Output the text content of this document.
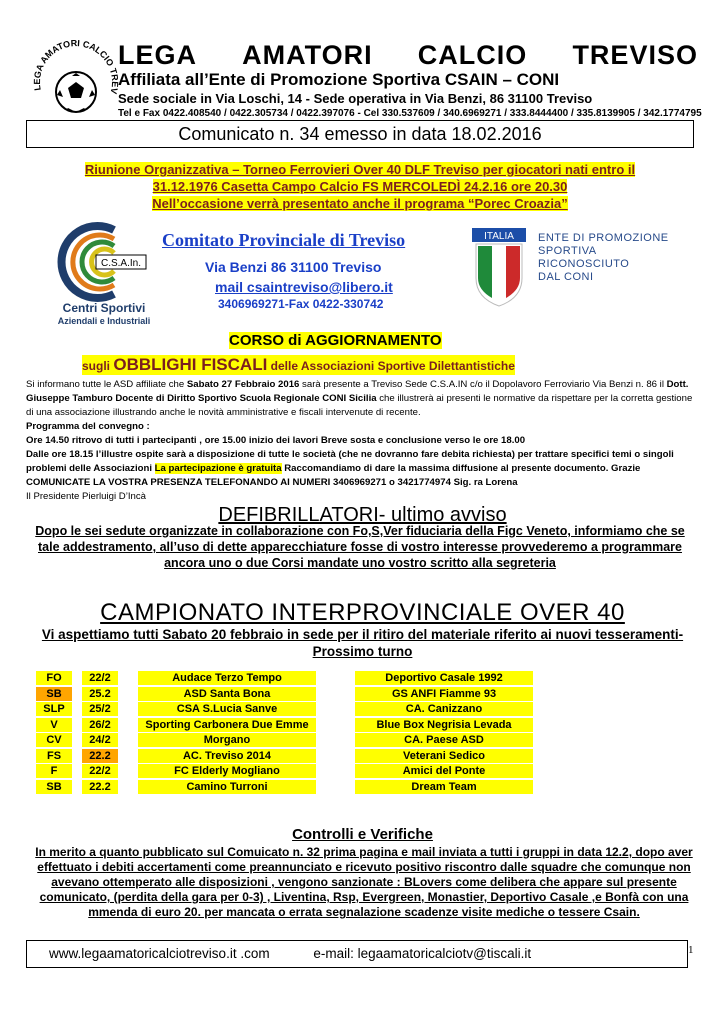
LEGA AMATORI CALCIO TREV
LEGA AMATORI CALCIO TREVISO
Affiliata all’Ente di Promozione Sportiva CSAIN – CONI
Sede sociale in Via Loschi, 14 - Sede operativa in Via Benzi, 86 31100 Treviso
Tel e Fax 0422.408540 / 0422.305734 / 0422.397076 - Cel 330.537609 / 340.6969271 / 333.8444400 / 335.8139905 / 342.1774795
Comunicato n. 34 emesso in data 18.02.2016
Riunione Organizzativa – Torneo Ferrovieri Over 40 DLF Treviso per giocatori nati entro il
31.12.1976 Casetta Campo Calcio FS MERCOLEDÌ 24.2.16 ore 20.30
Nell’occasione verrà presentato anche il programa “Porec Croazia”
C.S.A.In.
Centri Sportivi
Aziendali e Industriali
Comitato Provinciale di Treviso
Via Benzi 86 31100 Treviso
mail csaintreviso@libero.it
3406969271-Fax 0422-330742
ITALIA ENTE DI PROMOZIONE
SPORTIVA
RICONOSCIUTO
DAL CONI
CORSO di AGGIORNAMENTO
sugli OBBLIGHI FISCALI delle Associazioni Sportive Dilettantistiche

Si informano tutte le ASD affiliate che Sabato 27 Febbraio 2016 sarà presente a Treviso Sede C.S.A.IN c/o il Dopolavoro Ferroviario Via Benzi n. 86 il Dott. Giuseppe Tamburo Docente di Diritto Sportivo Scuola Regionale CONI Sicilia che illustrerà ai presenti le normative da rispettare per la corretta gestione di una associazione illustrando anche le novità amministrative e fiscali intervenute di recente.

Programma del convegno :

Ore 14.50 ritrovo di tutti i partecipanti , ore 15.00 inizio dei lavori Breve sosta e conclusione verso le ore 18.00

Dalle ore 18.15 l’illustre ospite sarà a disposizione di tutte le società (che ne dovranno fare debita richiesta) per trattare specifici temi o singoli problemi delle Associazioni La partecipazione è gratuita Raccomandiamo di dare la massima diffusione al presente documento. Grazie COMUNICATE LA VOSTRA PRESENZA TELEFONANDO AI NUMERI 3406969271 o 3421774974 Sig. ra Lorena

Il Presidente Pierluigi D’Incà

DEFIBRILLATORI- ultimo avviso
Dopo le sei sedute organizzate in collaborazione con Fo,S,Ver fiduciaria della Figc Veneto, informiamo che se tale addestramento, all’uso di dette apparecchiature fosse di vostro interesse provvederemo a programmare ancora uno o due Corsi mandate uno vostro scritto alla segreteria
CAMPIONATO INTERPROVINCIALE OVER 40
Vi aspettiamo tutti Sabato 20 febbraio in sede per il ritiro del materiale riferito ai nuovi tesseramenti- Prossimo turno
FO	22/2	Audace Terzo Tempo	Deportivo Casale 1992
SB	25.2	ASD Santa Bona	GS ANFI Fiamme 93
SLP	25/2	CSA S.Lucia Sanve	CA. Canizzano
V	26/2	Sporting Carbonera Due Emme	Blue Box Negrisia Levada
CV	24/2	Morgano	CA. Paese ASD
FS	22.2	AC. Treviso 2014	Veterani Sedico
F	22/2	FC Elderly Mogliano	Amici del Ponte
SB	22.2	Camino Turroni	Dream Team
Controlli e Verifiche
In merito a quanto pubblicato sul Comuicato n. 32 prima pagina e mail inviata a tutti i gruppi in data 12.2, dopo aver effettuato i debiti accertamenti come preannunciato e ricevuto positivo riscontro dalle squadre che comunque non avevano ottemperato alle disposizioni , vengono sanzionate : BLovers come delibera che appare sul presente comunicato, (perdita della gara per 0-3) , Liventina, Rsp, Evergreen, Monastier, Deportivo Casale ,e Bonfà con una mmenda di euro 20. per mancata o errata segnalazione scadenze visite mediche o tessere Csain.
www.legaamatoricalciotreviso.it .com	e-mail: legaamatoricalciotv@tiscali.it	1
